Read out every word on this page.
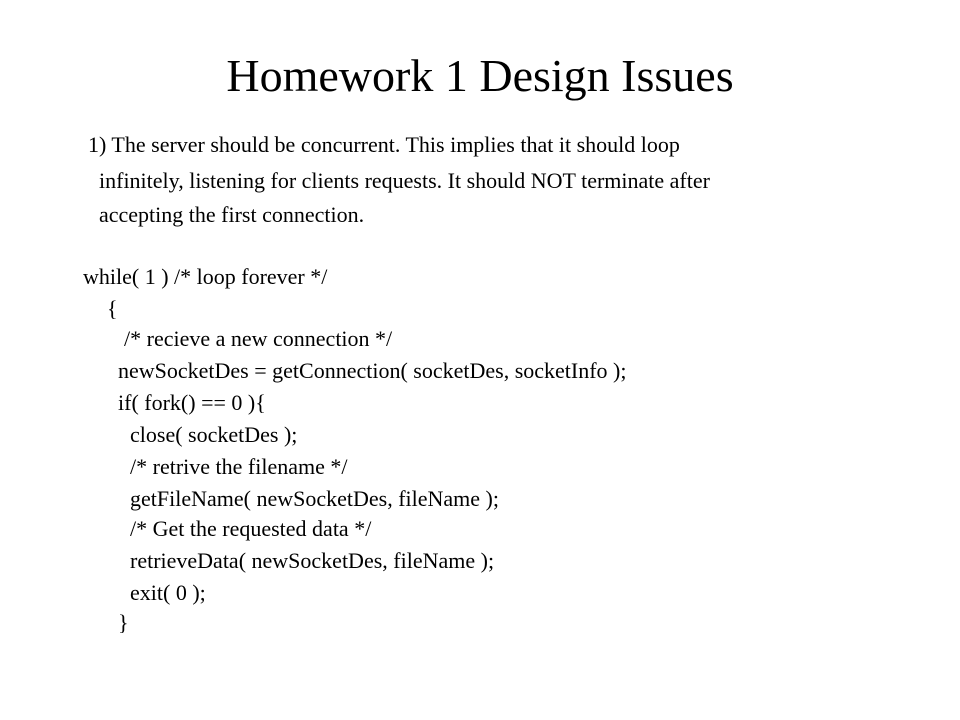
Homework 1 Design Issues
1) The server should be concurrent. This implies that it should loop
infinitely, listening for clients requests. It should NOT terminate after
accepting the first connection.
while( 1 ) /* loop forever */
{
/* recieve a new connection */
newSocketDes = getConnection( socketDes, socketInfo );
if( fork() == 0 ){
close( socketDes );
/* retrive the filename */
getFileName( newSocketDes, fileName );
/* Get the requested data */
retrieveData( newSocketDes, fileName );
exit( 0 );
}
